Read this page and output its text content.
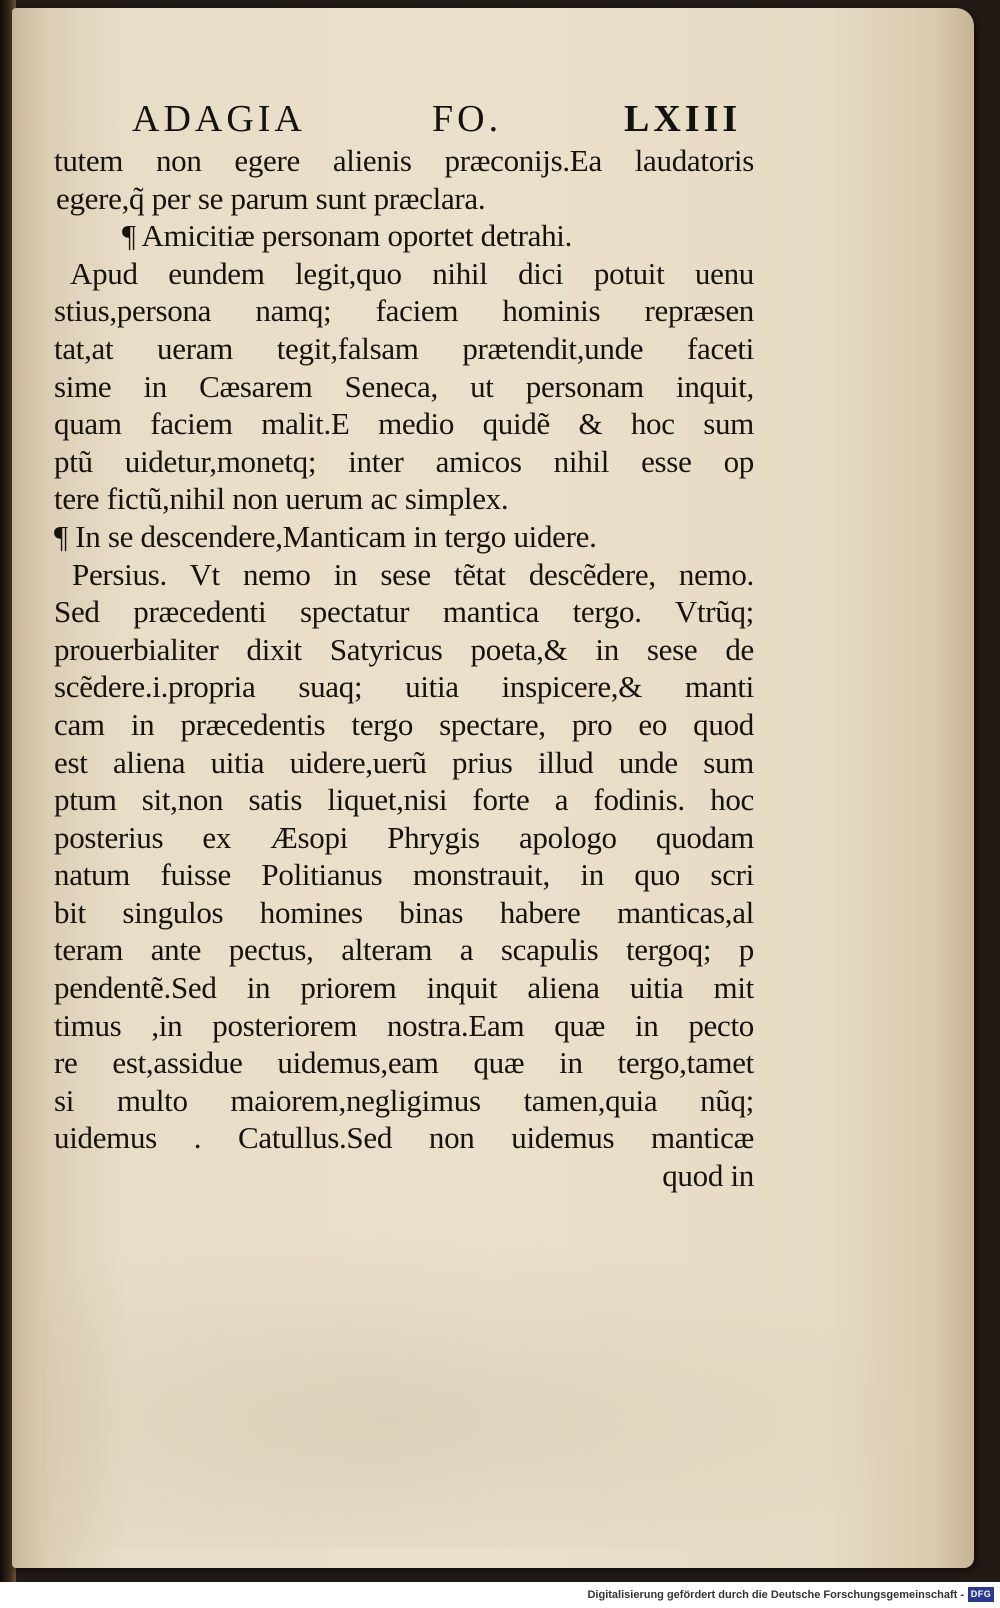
ADAGIA	FO.	LXIII
tutem non egere alienis præconijs.Ea laudatoris
egere,q̃ per se parum sunt præclara.
¶ Amicitiæ personam oportet detrahi.
Apud eundem legit,quo nihil dici potuit uenu
stius,persona namq; faciem hominis repræsen
tat,at ueram tegit,falsam prætendit,unde faceti
sime in Cæsarem Seneca, ut personam inquit,
quam faciem malit.E medio quidẽ & hoc sum
ptũ uidetur,monetq; inter amicos nihil esse op
tere fictũ,nihil non uerum ac simplex.
¶ In se descendere,Manticam in tergo uidere.
Persius. Vt nemo in sese tẽtat descẽdere, nemo.
Sed præcedenti spectatur mantica tergo. Vtrũq;
prouerbialiter dixit Satyricus poeta,& in sese de
scẽdere.i.propria suaq; uitia inspicere,& manti
cam in præcedentis tergo spectare, pro eo quod
est aliena uitia uidere,uerũ prius illud unde sum
ptum sit,non satis liquet,nisi forte a fodinis. hoc
posterius ex Æsopi Phrygis apologo quodam
natum fuisse Politianus monstrauit, in quo scri
bit singulos homines binas habere manticas,al
teram ante pectus, alteram a scapulis tergoq; p
pendentẽ.Sed in priorem inquit aliena uitia mit
timus ,in posteriorem nostra.Eam quæ in pecto
re est,assidue uidemus,eam quæ in tergo,tamet
si multo maiorem,negligimus tamen,quia nũq;
uidemus . Catullus.Sed non uidemus manticæ
quod in
Digitalisierung gefördert durch die Deutsche Forschungsgemeinschaft - DFG
